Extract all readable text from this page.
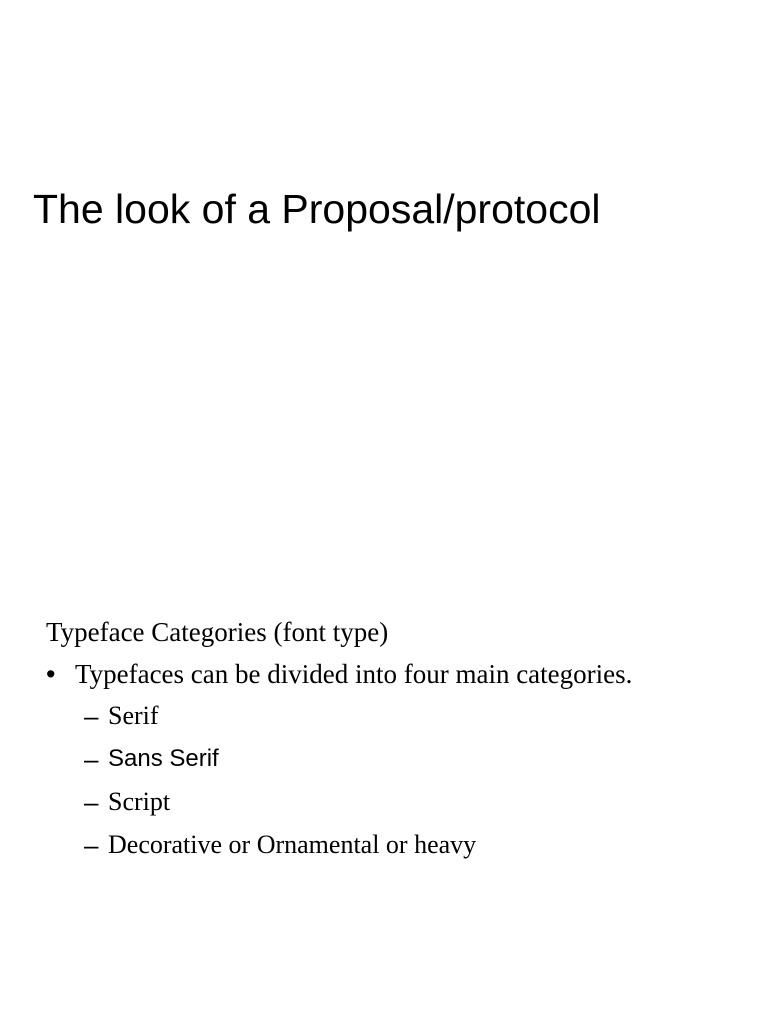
The look of a Proposal/protocol

Typeface Categories (font type)

• Typefaces can be divided into four main categories.
– Serif
– Sans Serif
– Script
– Decorative or Ornamental or heavy
